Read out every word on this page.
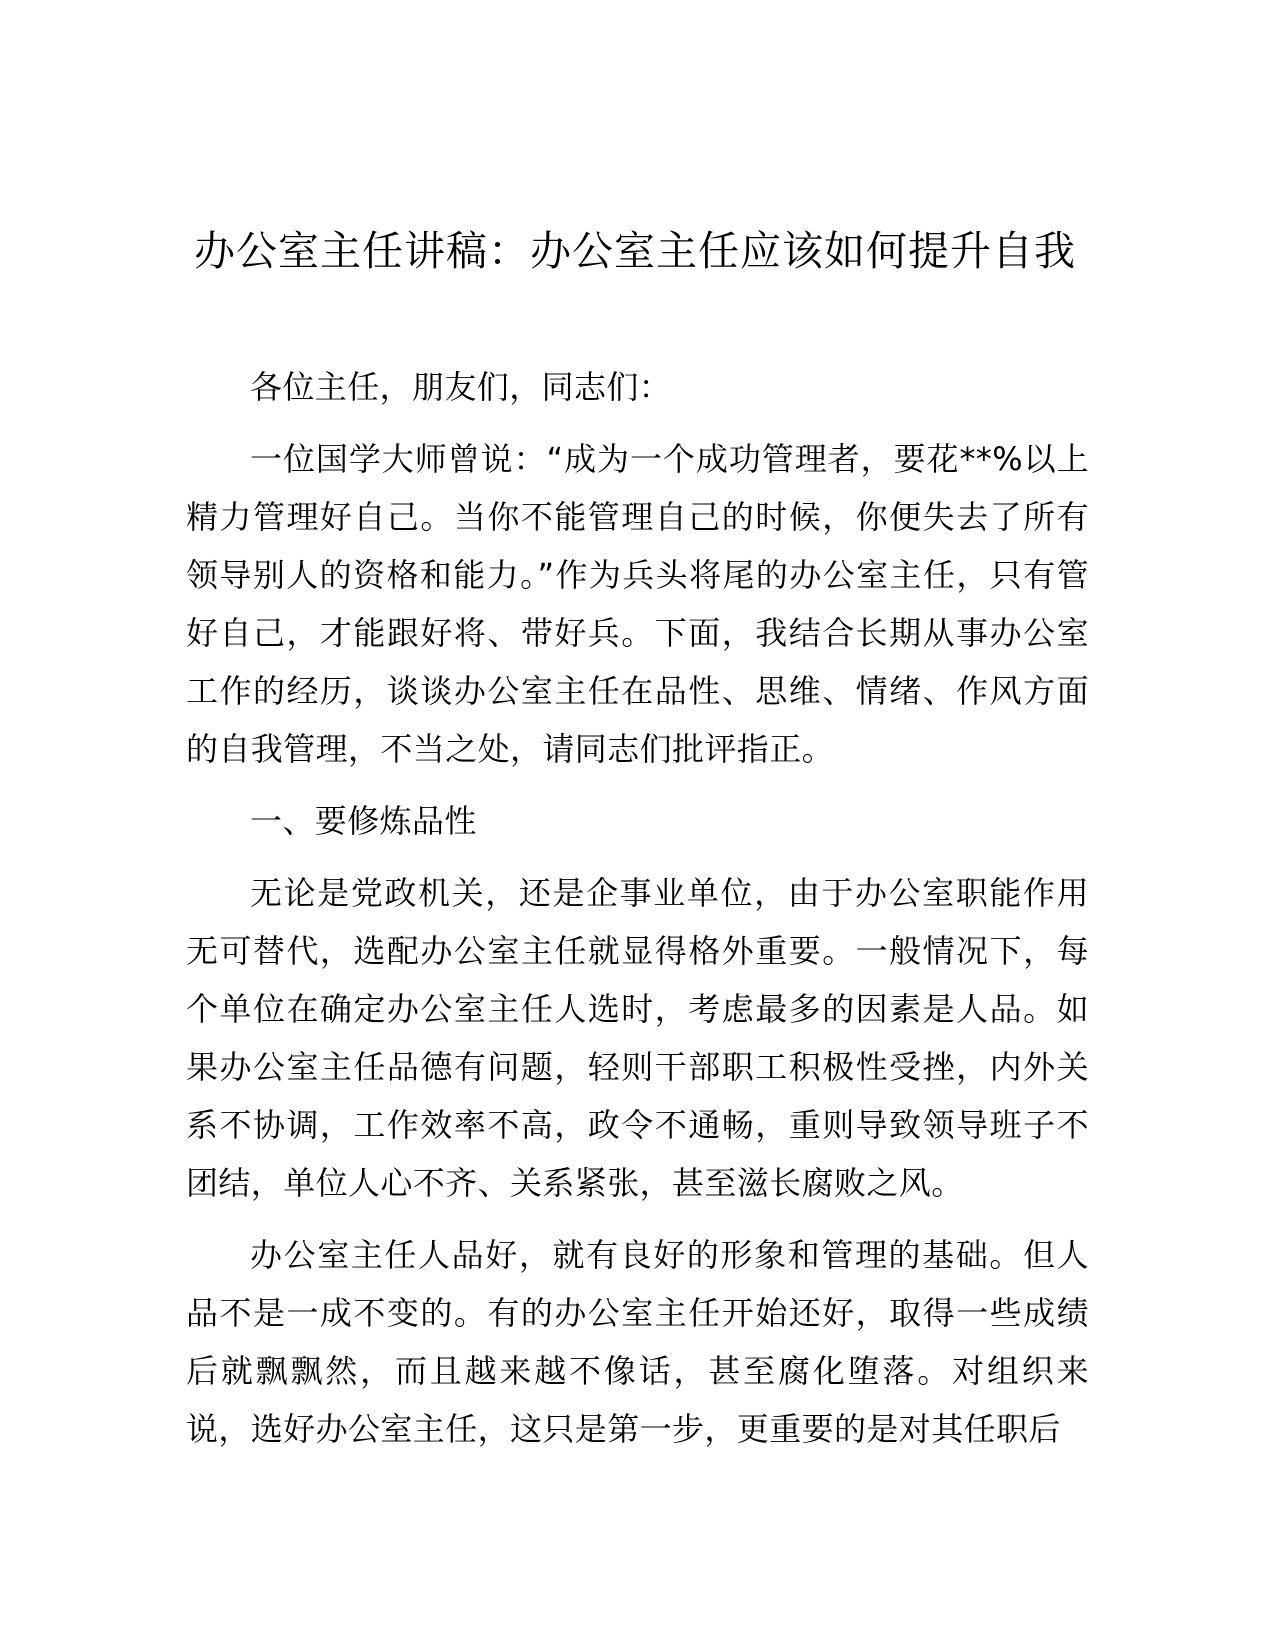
办公室主任讲稿：办公室主任应该如何提升自我

各位主任，朋友们，同志们：

一位国学大师曾说：“成为一个成功管理者，要花**%以上精力管理好自己。当你不能管理自己的时候，你便失去了所有领导别人的资格和能力。”作为兵头将尾的办公室主任，只有管好自己，才能跟好将、带好兵。下面，我结合长期从事办公室工作的经历，谈谈办公室主任在品性、思维、情绪、作风方面的自我管理，不当之处，请同志们批评指正。

一、要修炼品性

无论是党政机关，还是企事业单位，由于办公室职能作用无可替代，选配办公室主任就显得格外重要。一般情况下，每个单位在确定办公室主任人选时，考虑最多的因素是人品。如果办公室主任品德有问题，轻则干部职工积极性受挫，内外关系不协调，工作效率不高，政令不通畅，重则导致领导班子不团结，单位人心不齐、关系紧张，甚至滋长腐败之风。

办公室主任人品好，就有良好的形象和管理的基础。但人品不是一成不变的。有的办公室主任开始还好，取得一些成绩后就飘飘然，而且越来越不像话，甚至腐化堕落。对组织来说，选好办公室主任，这只是第一步，更重要的是对其任职后
